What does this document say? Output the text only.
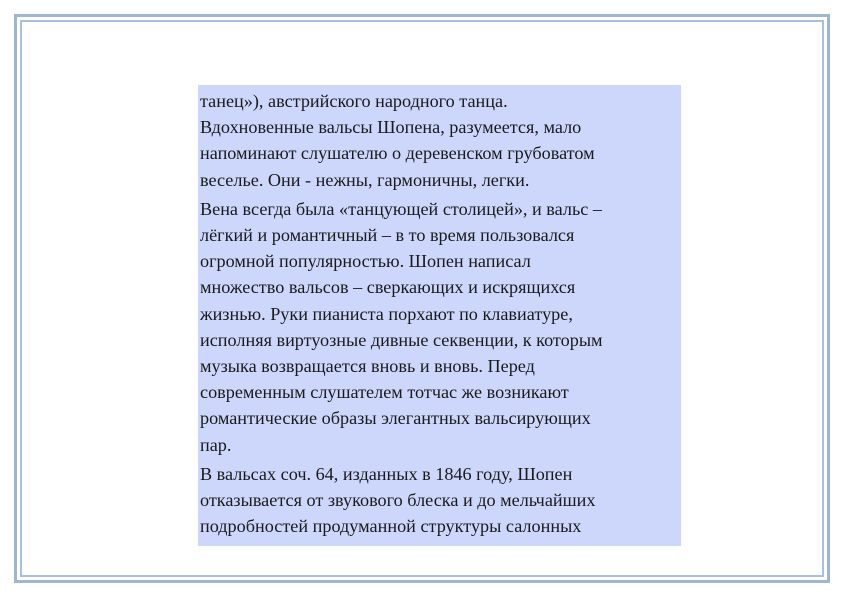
танец»), австрийского народного танца.
Вдохновенные вальсы Шопена, разумеется, мало
напоминают слушателю о деревенском грубоватом
веселье. Они - нежны, гармоничны, легки.
Вена всегда была «танцующей столицей», и вальс –
лёгкий и романтичный – в то время пользовался
огромной популярностью. Шопен написал
множество вальсов – сверкающих и искрящихся
жизнью. Руки пианиста порхают по клавиатуре,
исполняя виртуозные дивные секвенции, к которым
музыка возвращается вновь и вновь. Перед
современным слушателем тотчас же возникают
романтические образы элегантных вальсирующих
пар.
В вальсах соч. 64, изданных в 1846 году, Шопен
отказывается от звукового блеска и до мельчайших
подробностей продуманной структуры салонных
